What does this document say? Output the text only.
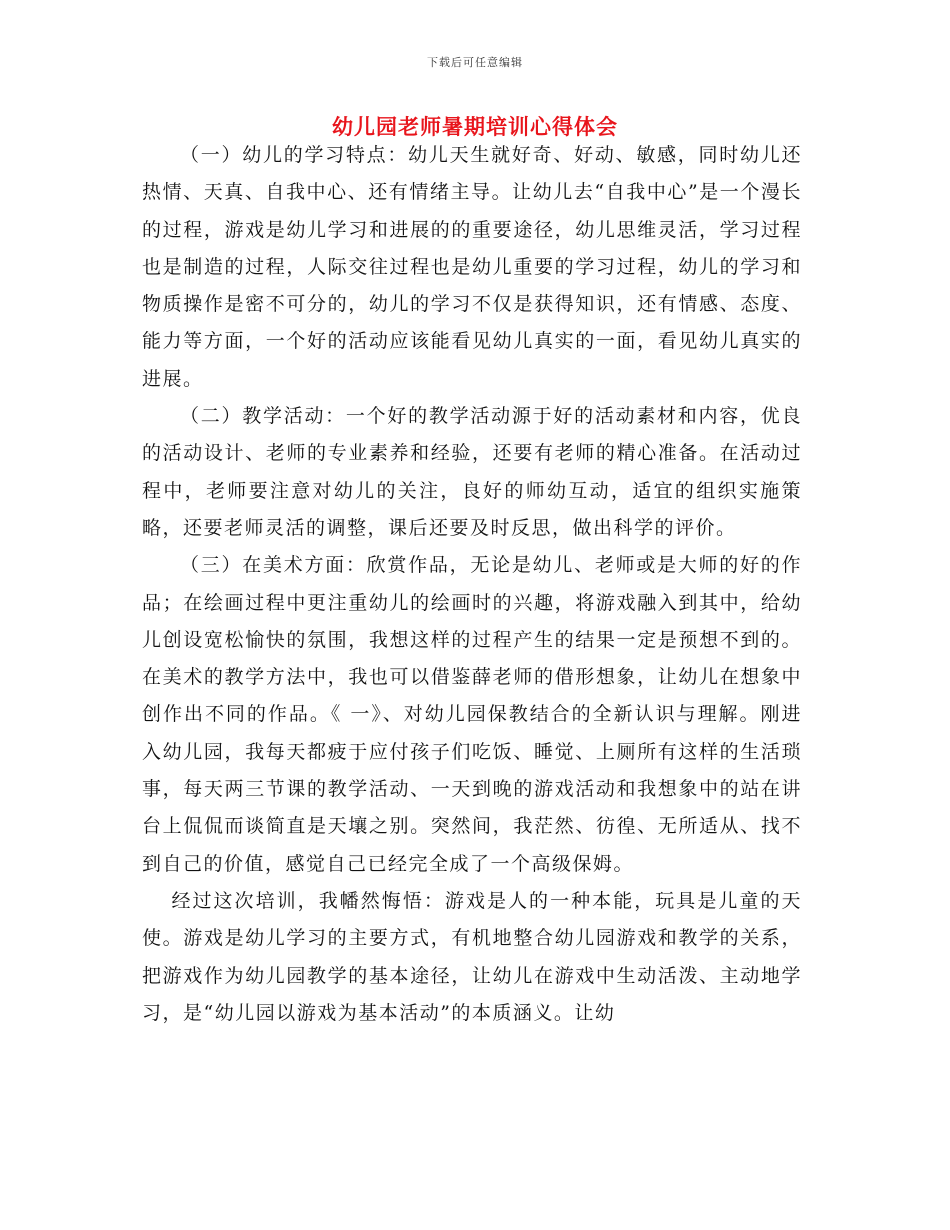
下载后可任意编辑
幼儿园老师暑期培训心得体会

（一）幼儿的学习特点：幼儿天生就好奇、好动、敏感，同时幼儿还热情、天真、自我中心、还有情绪主导。让幼儿去“自我中心”是一个漫长的过程，游戏是幼儿学习和进展的的重要途径，幼儿思维灵活，学习过程也是制造的过程，人际交往过程也是幼儿重要的学习过程，幼儿的学习和物质操作是密不可分的，幼儿的学习不仅是获得知识，还有情感、态度、能力等方面，一个好的活动应该能看见幼儿真实的一面，看见幼儿真实的进展。

（二）教学活动：一个好的教学活动源于好的活动素材和内容，优良的活动设计、老师的专业素养和经验，还要有老师的精心准备。在活动过程中，老师要注意对幼儿的关注，良好的师幼互动，适宜的组织实施策略，还要老师灵活的调整，课后还要及时反思，做出科学的评价。

（三）在美术方面：欣赏作品，无论是幼儿、老师或是大师的好的作品；在绘画过程中更注重幼儿的绘画时的兴趣，将游戏融入到其中，给幼儿创设宽松愉快的氛围，我想这样的过程产生的结果一定是预想不到的。在美术的教学方法中，我也可以借鉴薛老师的借形想象，让幼儿在想象中创作出不同的作品。《 一》、对幼儿园保教结合的全新认识与理解。刚进入幼儿园，我每天都疲于应付孩子们吃饭、睡觉、上厕所有这样的生活琐事，每天两三节课的教学活动、一天到晚的游戏活动和我想象中的站在讲台上侃侃而谈简直是天壤之别。突然间，我茫然、彷徨、无所适从、找不到自己的价值，感觉自己已经完全成了一个高级保姆。

经过这次培训，我幡然悔悟：游戏是人的一种本能，玩具是儿童的天使。游戏是幼儿学习的主要方式，有机地整合幼儿园游戏和教学的关系，把游戏作为幼儿园教学的基本途径，让幼儿在游戏中生动活泼、主动地学习，是“幼儿园以游戏为基本活动”的本质涵义。让幼
